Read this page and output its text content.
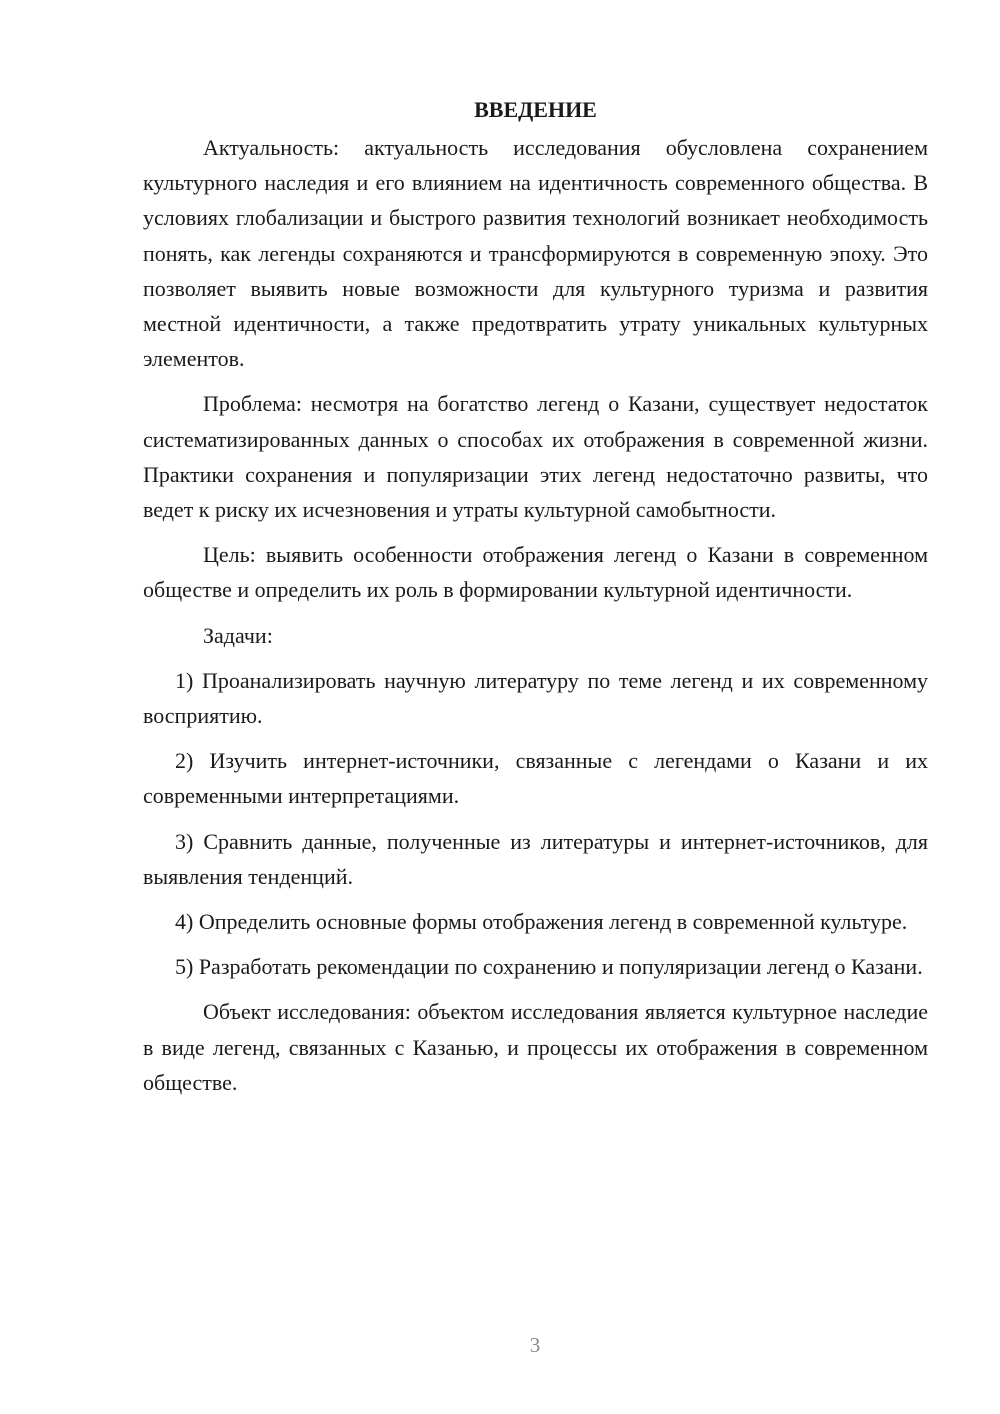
ВВЕДЕНИЕ

Актуальность: актуальность исследования обусловлена сохранением культурного наследия и его влиянием на идентичность современного общества. В условиях глобализации и быстрого развития технологий возникает необходимость понять, как легенды сохраняются и трансформируются в современную эпоху. Это позволяет выявить новые возможности для культурного туризма и развития местной идентичности, а также предотвратить утрату уникальных культурных элементов.

Проблема: несмотря на богатство легенд о Казани, существует недостаток систематизированных данных о способах их отображения в современной жизни. Практики сохранения и популяризации этих легенд недостаточно развиты, что ведет к риску их исчезновения и утраты культурной самобытности.

Цель: выявить особенности отображения легенд о Казани в современном обществе и определить их роль в формировании культурной идентичности.

Задачи:

1) Проанализировать научную литературу по теме легенд и их современному восприятию.

2) Изучить интернет-источники, связанные с легендами о Казани и их современными интерпретациями.

3) Сравнить данные, полученные из литературы и интернет-источников, для выявления тенденций.

4) Определить основные формы отображения легенд в современной культуре.

5) Разработать рекомендации по сохранению и популяризации легенд о Казани.

Объект исследования: объектом исследования является культурное наследие в виде легенд, связанных с Казанью, и процессы их отображения в современном обществе.

3
